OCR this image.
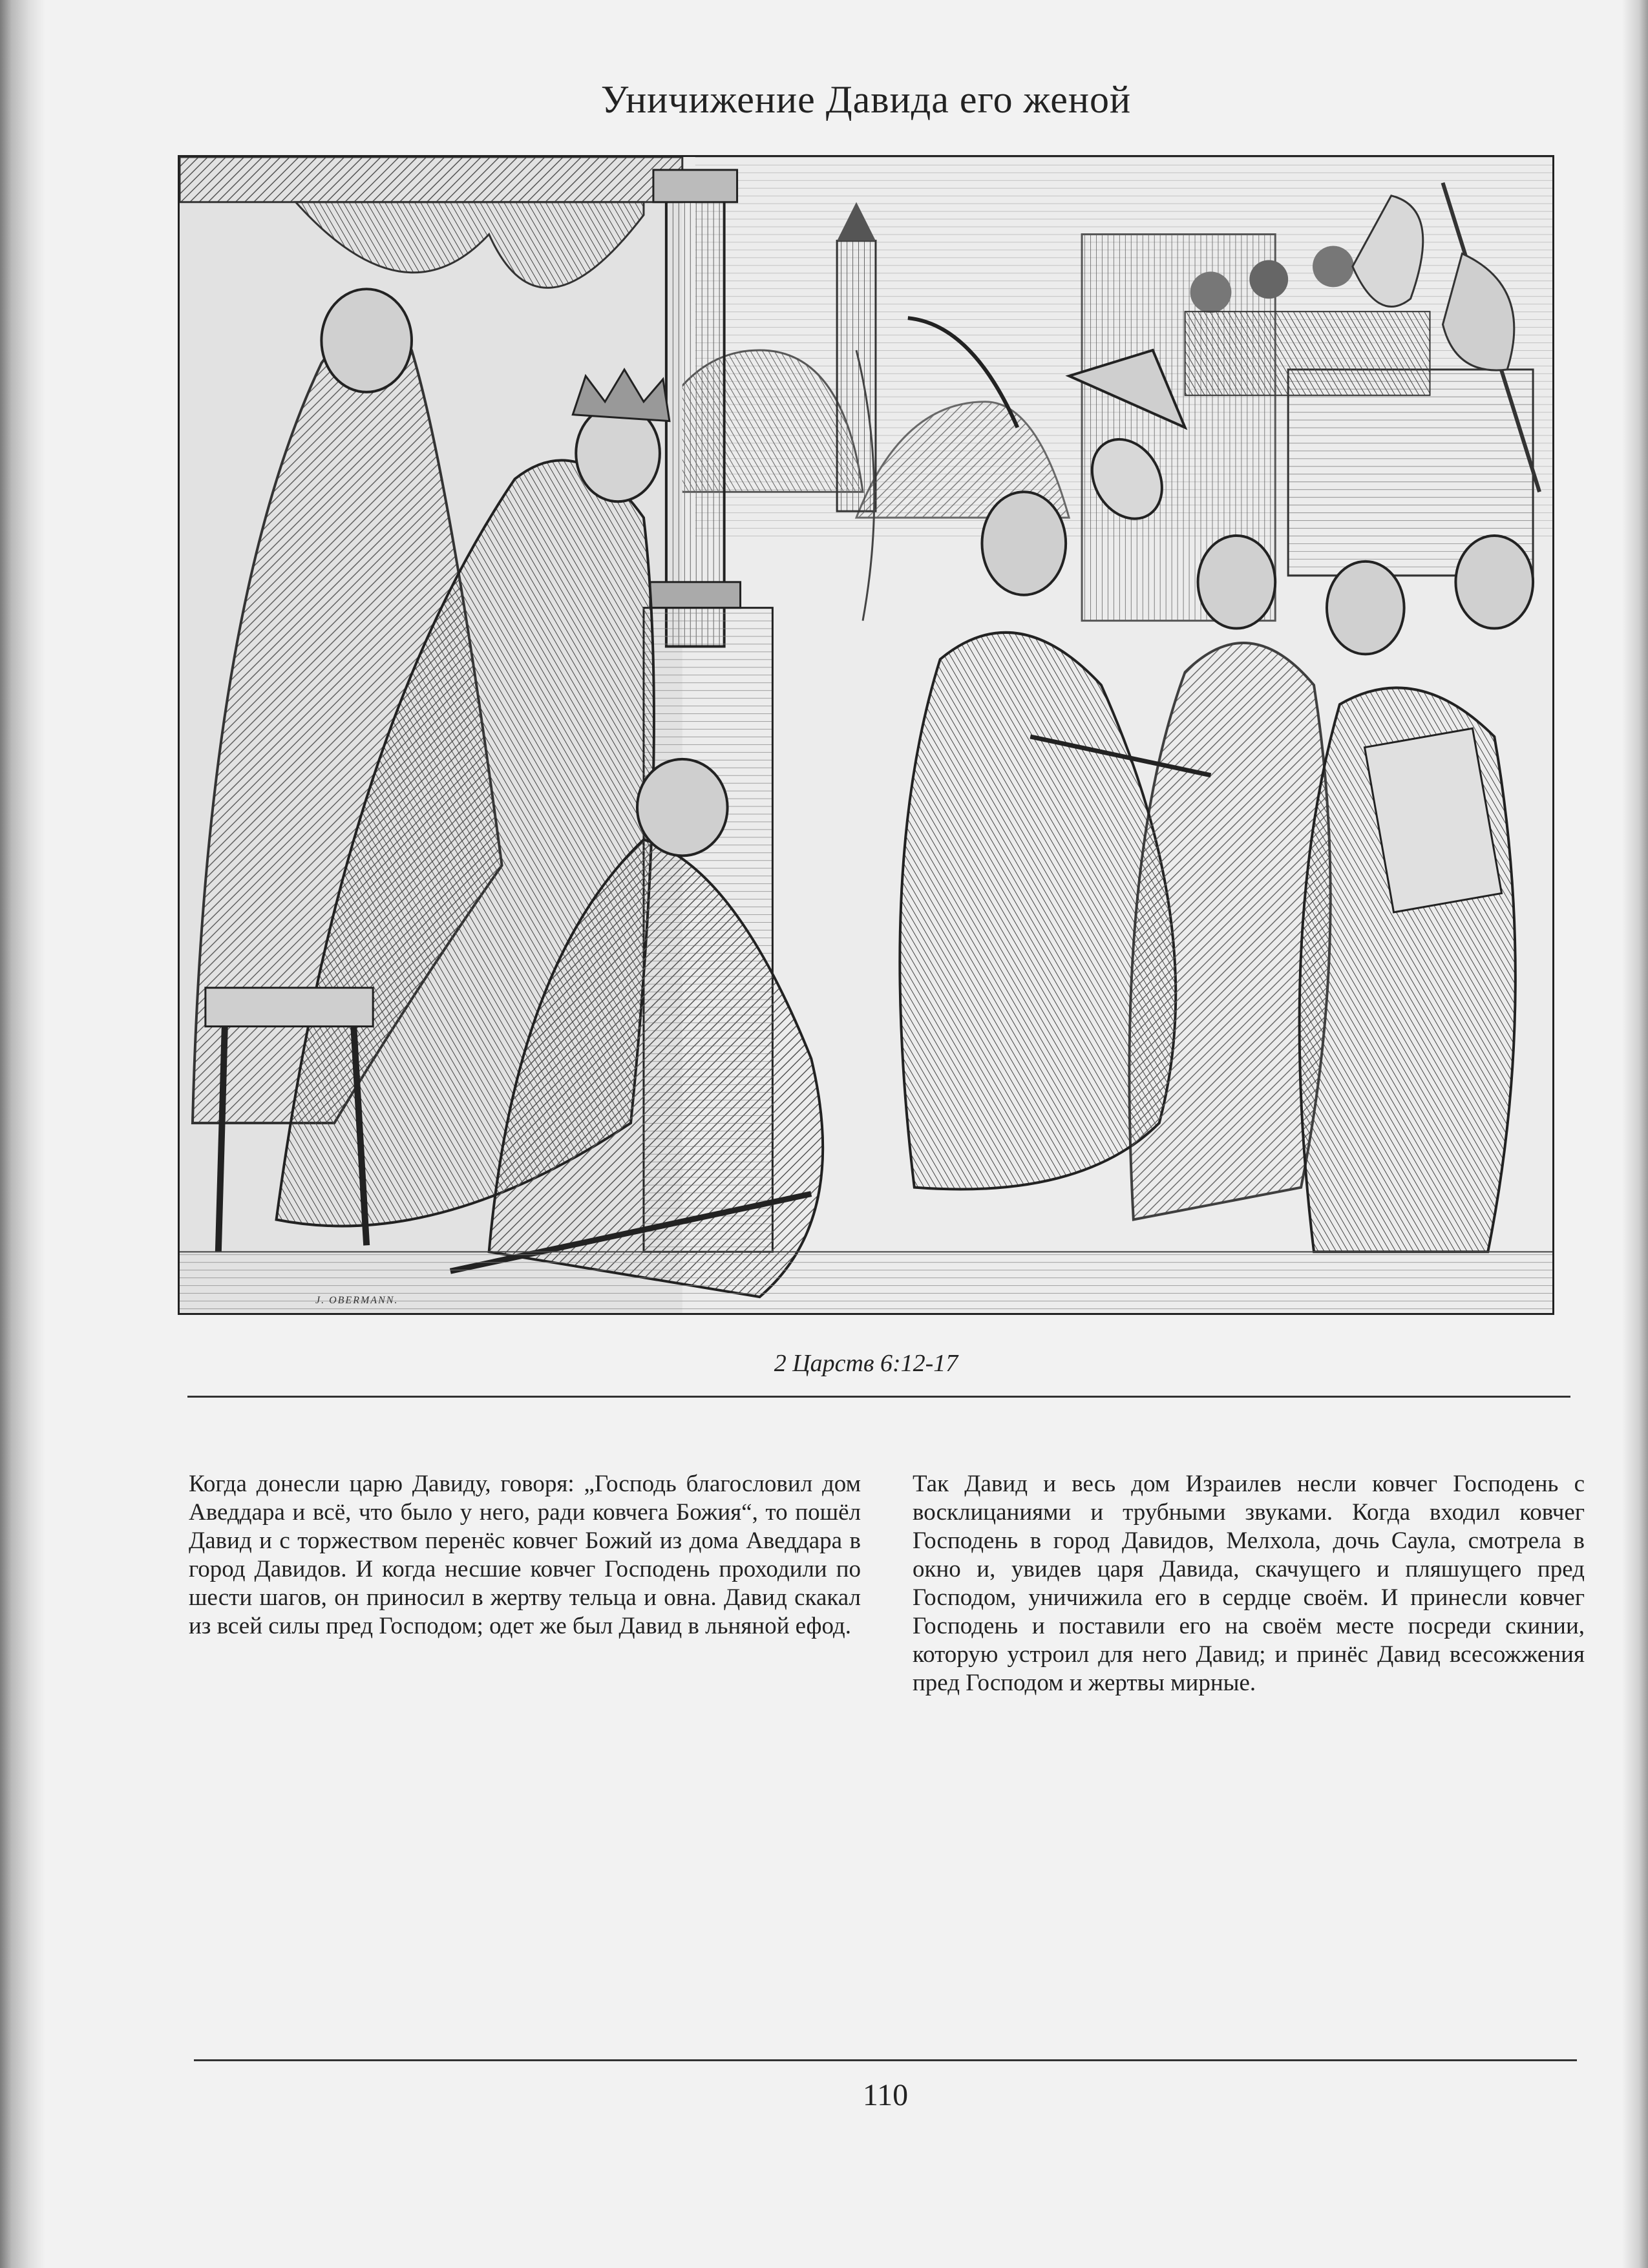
Уничижение Давида его женой
J. OBERMANN.
2 Царств 6:12-17
Когда донесли царю Давиду, говоря: „Господь благословил дом Аведдара и всё, что было у него, ради ковчега Божия“, то пошёл Давид и с торжеством перенёс ковчег Божий из дома Аведдара в город Давидов. И когда несшие ковчег Господень проходили по шести шагов, он приносил в жертву тельца и овна. Давид скакал из всей силы пред Господом; одет же был Давид в льняной ефод.
Так Давид и весь дом Израилев несли ковчег Господень с восклицаниями и трубными звуками. Когда входил ковчег Господень в город Давидов, Мелхола, дочь Саула, смотрела в окно и, увидев царя Давида, скачущего и пляшущего пред Господом, уничижила его в сердце своём. И принесли ковчег Господень и поставили его на своём месте посреди скинии, которую устроил для него Давид; и принёс Давид всесожжения пред Господом и жертвы мирные.
110
